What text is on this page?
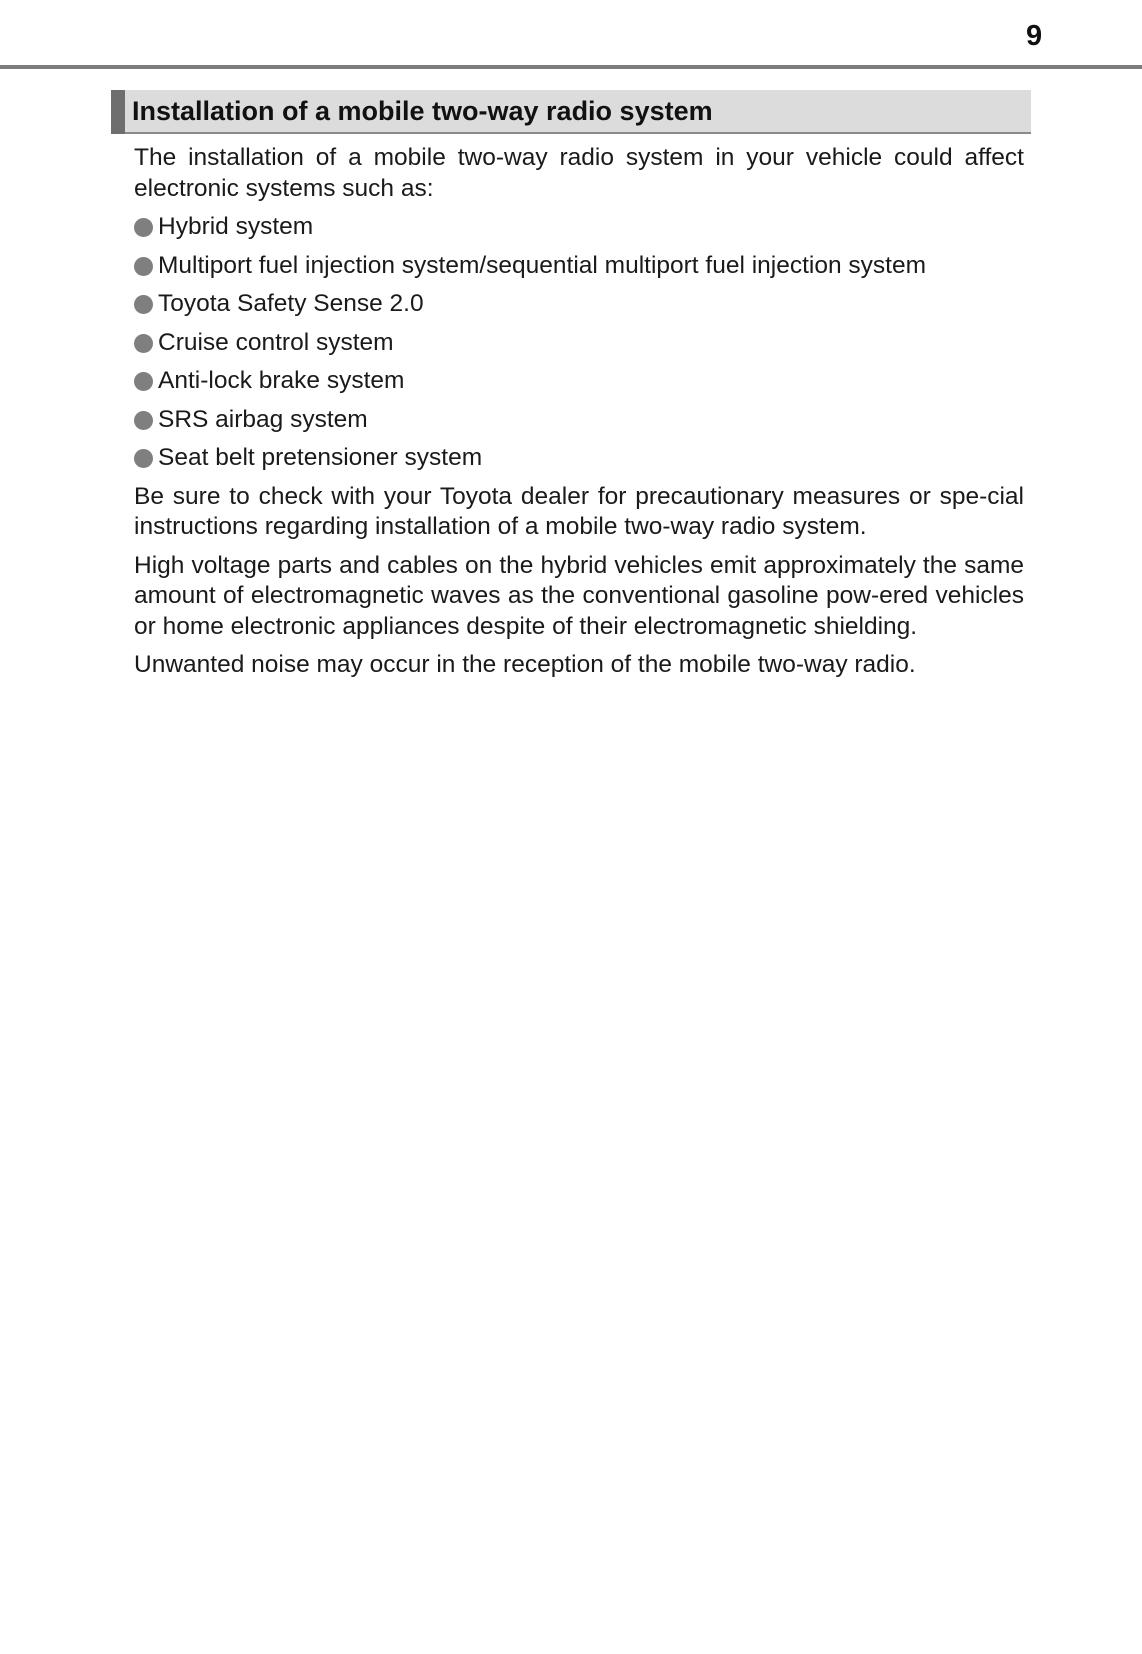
9
Installation of a mobile two-way radio system

The installation of a mobile two-way radio system in your vehicle could affect electronic systems such as:

Hybrid system
Multiport fuel injection system/sequential multiport fuel injection system
Toyota Safety Sense 2.0
Cruise control system
Anti-lock brake system
SRS airbag system
Seat belt pretensioner system

Be sure to check with your Toyota dealer for precautionary measures or spe-cial instructions regarding installation of a mobile two-way radio system.

High voltage parts and cables on the hybrid vehicles emit approximately the same amount of electromagnetic waves as the conventional gasoline pow-ered vehicles or home electronic appliances despite of their electromagnetic shielding.

Unwanted noise may occur in the reception of the mobile two-way radio.
